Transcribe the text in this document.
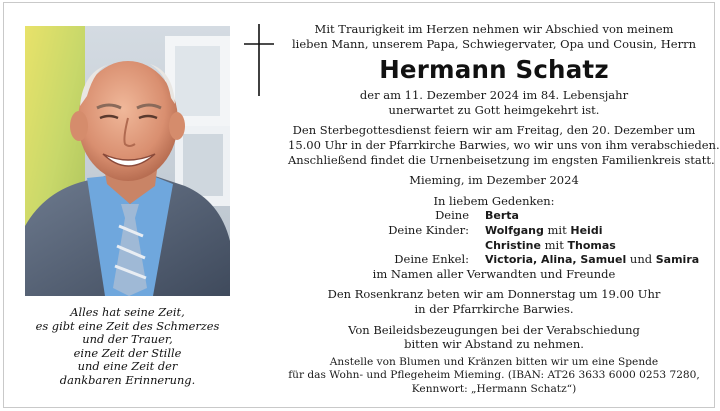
Alles hat seine Zeit,
es gibt eine Zeit des Schmerzes
und der Trauer,
eine Zeit der Stille
und eine Zeit der
dankbaren Erinnerung.
Mit Traurigkeit im Herzen nehmen wir Abschied von meinem
lieben Mann, unserem Papa, Schwiegervater, Opa und Cousin, Herrn
Hermann Schatz
der am 11. Dezember 2024 im 84. Lebensjahr
unerwartet zu Gott heimgekehrt ist.
Den Sterbegottesdienst feiern wir am Freitag, den 20. Dezember um
15.00 Uhr in der Pfarrkirche Barwies, wo wir uns von ihm verabschieden.
Anschließend findet die Urnenbeisetzung im engsten Familienkreis statt.
Mieming, im Dezember 2024
In liebem Gedenken:
Deine Berta
Deine Kinder: Wolfgang mit Heidi
Christine mit Thomas
Deine Enkel: Victoria, Alina, Samuel und Samira
im Namen aller Verwandten und Freunde
Den Rosenkranz beten wir am Donnerstag um 19.00 Uhr
in der Pfarrkirche Barwies.
Von Beileidsbezeugungen bei der Verabschiedung
bitten wir Abstand zu nehmen.
Anstelle von Blumen und Kränzen bitten wir um eine Spende
für das Wohn- und Pflegeheim Mieming. (IBAN: AT26 3633 6000 0253 7280,
Kennwort: „Hermann Schatz“)
